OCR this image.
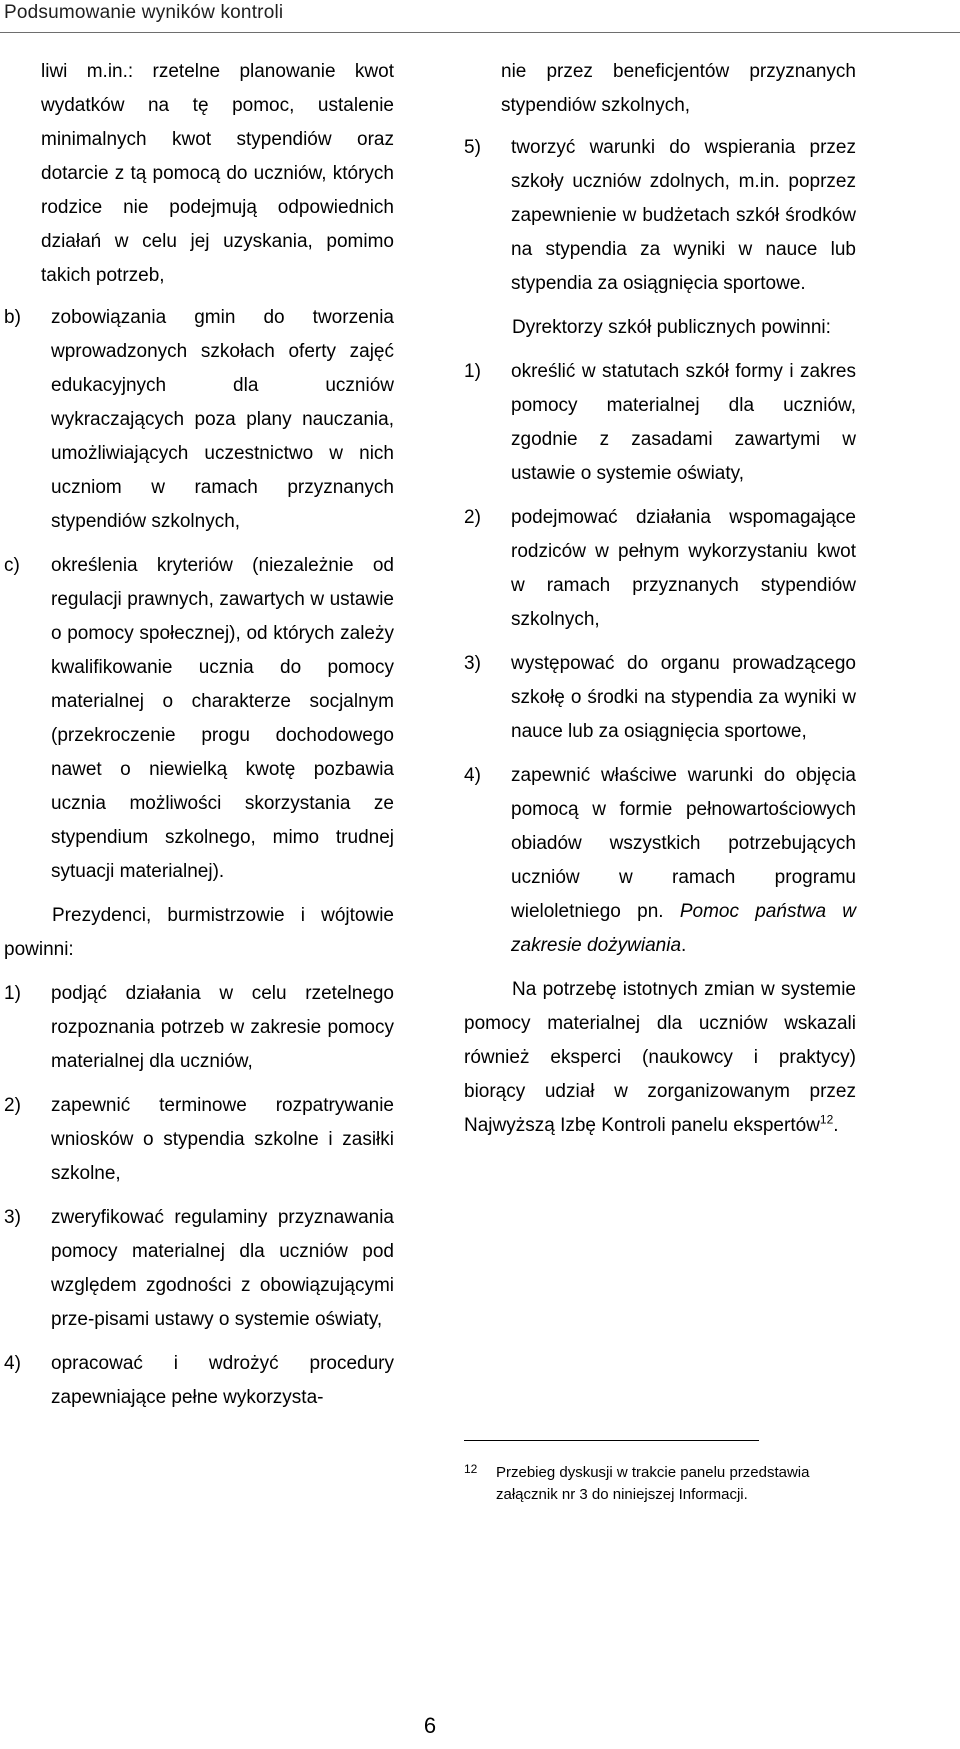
Podsumowanie wyników kontroli

liwi m.in.: rzetelne planowanie kwot wydatków na tę pomoc, ustalenie minimalnych kwot stypendiów oraz dotarcie z tą pomocą do uczniów, których rodzice nie podejmują odpowiednich działań w celu jej uzyskania, pomimo takich potrzeb,

b)	zobowiązania gmin do tworzenia wprowadzonych szkołach oferty zajęć edukacyjnych dla uczniów wykraczających poza plany nauczania, umożliwiających uczestnictwo w nich uczniom w ramach przyznanych stypendiów szkolnych,
c)	określenia kryteriów (niezależnie od regulacji prawnych, zawartych w ustawie o pomocy społecznej), od których zależy kwalifikowanie ucznia do pomocy materialnej o charakterze socjalnym (przekroczenie progu dochodowego nawet o niewielką kwotę pozbawia ucznia możliwości skorzystania ze stypendium szkolnego, mimo trudnej sytuacji materialnej).

Prezydenci, burmistrzowie i wójtowie powinni:

1)	podjąć działania w celu rzetelnego rozpoznania potrzeb w zakresie pomocy materialnej dla uczniów,
2)	zapewnić terminowe rozpatrywanie wniosków o stypendia szkolne i zasiłki szkolne,
3)	zweryfikować regulaminy przyznawania pomocy materialnej dla uczniów pod względem zgodności z obowiązującymi prze-pisami ustawy o systemie oświaty,
4)	opracować i wdrożyć procedury zapewniające pełne wykorzysta-

nie przez beneficjentów przyznanych stypendiów szkolnych,

5)	tworzyć warunki do wspierania przez szkoły uczniów zdolnych, m.in. poprzez zapewnienie w budżetach szkół środków na stypendia za wyniki w nauce lub stypendia za osiągnięcia sportowe.

Dyrektorzy szkół publicznych powinni:

1)	określić w statutach szkół formy i zakres pomocy materialnej dla uczniów, zgodnie z zasadami zawartymi w ustawie o systemie oświaty,
2)	podejmować działania wspomagające rodziców w pełnym wykorzystaniu kwot w ramach przyznanych stypendiów szkolnych,
3)	występować do organu prowadzącego szkołę o środki na stypendia za wyniki w nauce lub za osiągnięcia sportowe,
4)	zapewnić właściwe warunki do objęcia pomocą w formie pełnowartościowych obiadów wszystkich potrzebujących uczniów w ramach programu wieloletniego pn. Pomoc państwa w zakresie dożywiania.

Na potrzebę istotnych zmian w systemie pomocy materialnej dla uczniów wskazali również eksperci (naukowcy i praktycy) biorący udział w zorganizowanym przez Najwyższą Izbę Kontroli panelu ekspertów$^{12}$.

12	Przebieg dyskusji w trakcie panelu przedstawia załącznik nr 3 do niniejszej Informacji.
6
